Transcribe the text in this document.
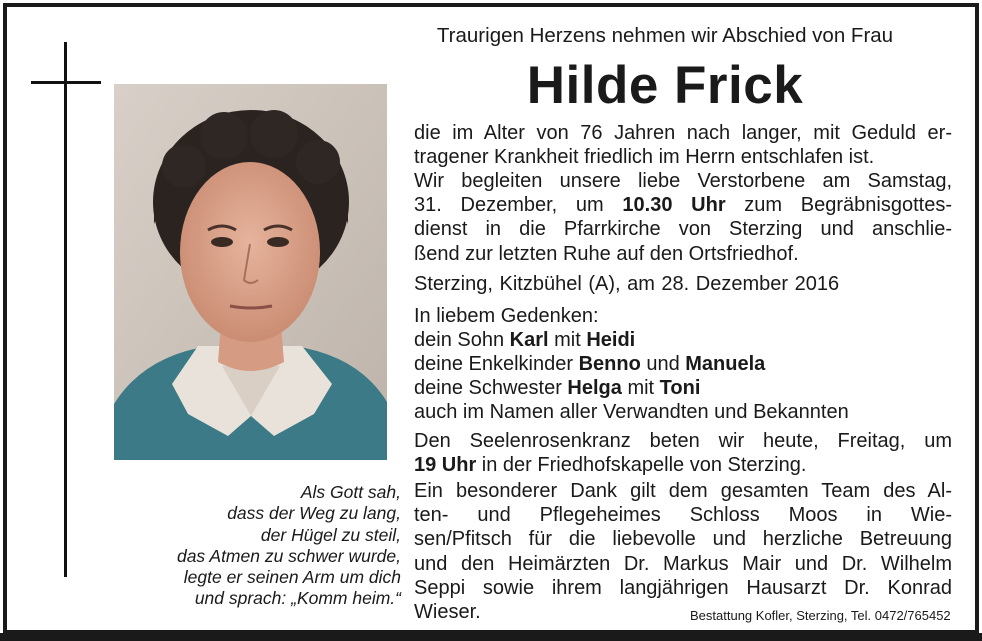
Als Gott sah,
dass der Weg zu lang,
der Hügel zu steil,
das Atmen zu schwer wurde,
legte er seinen Arm um dich
und sprach: „Komm heim.“
Traurigen Herzens nehmen wir Abschied von Frau
Hilde Frick
die im Alter von 76 Jahren nach langer, mit Geduld er-
tragener Krankheit friedlich im Herrn entschlafen ist.
Wir begleiten unsere liebe Verstorbene am Samstag,
31. Dezember, um 10.30 Uhr zum Begräbnisgottes-
dienst in die Pfarrkirche von Sterzing und anschlie-
ßend zur letzten Ruhe auf den Ortsfriedhof.
Sterzing, Kitzbühel (A), am 28. Dezember 2016
In liebem Gedenken:
dein Sohn Karl mit Heidi
deine Enkelkinder Benno und Manuela
deine Schwester Helga mit Toni
auch im Namen aller Verwandten und Bekannten
Den Seelenrosenkranz beten wir heute, Freitag, um
19 Uhr in der Friedhofskapelle von Sterzing.
Ein besonderer Dank gilt dem gesamten Team des Al-
ten- und Pflegeheimes Schloss Moos in Wie-
sen/Pfitsch für die liebevolle und herzliche Betreuung
und den Heimärzten Dr. Markus Mair und Dr. Wilhelm
Seppi sowie ihrem langjährigen Hausarzt Dr. Konrad
Wieser.	Bestattung Kofler, Sterzing, Tel. 0472/765452
